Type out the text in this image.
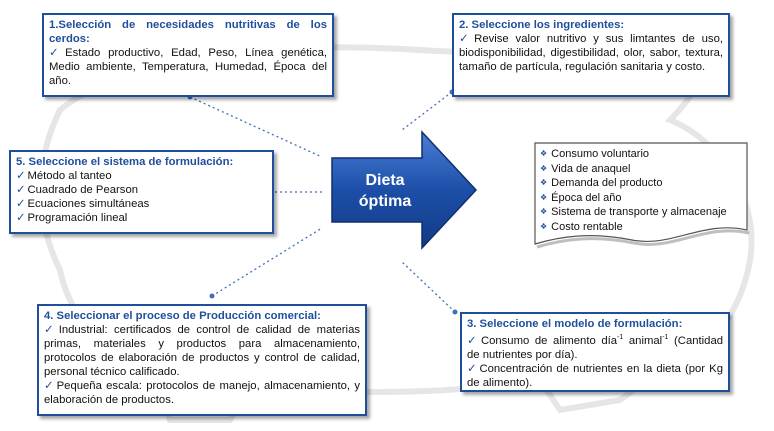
1.Selección de necesidades nutritivas de los cerdos:
✓ Estado productivo, Edad, Peso, Línea genética, Medio ambiente, Temperatura, Humedad, Época del año.
2. Seleccione los ingredientes:
✓ Revise valor nutritivo y sus limtantes de uso, biodisponibilidad, digestibilidad, olor, sabor, textura, tamaño de partícula, regulación sanitaria y costo.
5. Seleccione el sistema de formulación:
✓ Método al tanteo
✓ Cuadrado de Pearson
✓ Ecuaciones simultáneas
✓ Programación lineal
Dieta
óptima
❖ Consumo voluntario
❖ Vida de anaquel
❖ Demanda del producto
❖ Época del año
❖ Sistema de transporte y almacenaje
❖ Costo rentable
4. Seleccionar el proceso de Producción comercial:
✓ Industrial: certificados de control de calidad de materias primas, materiales y productos para almacenamiento, protocolos de elaboración de productos y control de calidad, personal técnico calificado.
✓ Pequeña escala: protocolos de manejo, almacenamiento, y elaboración de productos.
3. Seleccione el modelo de formulación:
✓ Consumo de alimento día$^{-1}$ animal$^{-1}$ (Cantidad de nutrientes por día).
✓ Concentración de nutrientes en la dieta (por Kg de alimento).
